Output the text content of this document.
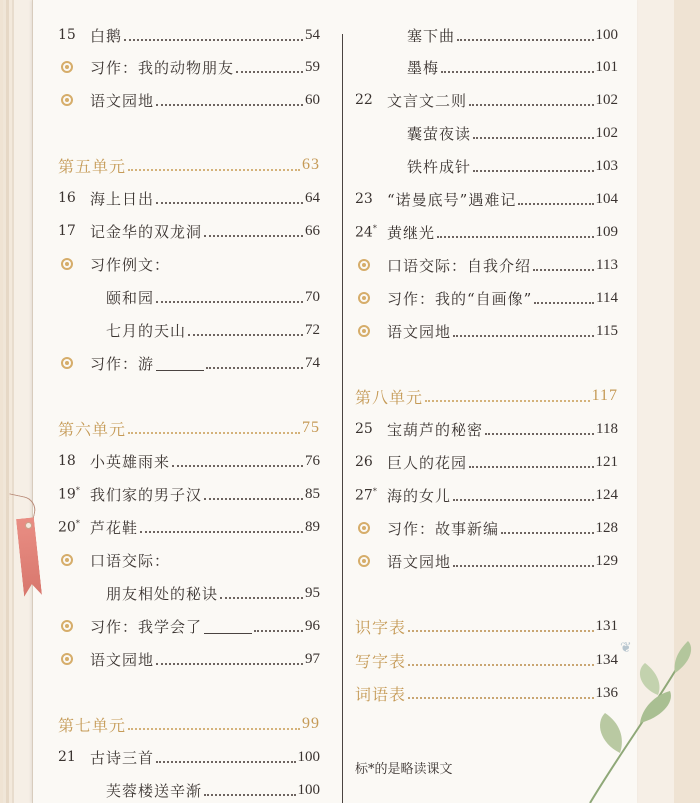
15 白鹅	54
习作：我的动物朋友	59
语文园地	60
第五单元	63
16 海上日出	64
17 记金华的双龙洞	66
习作例文：
颐和园	70
七月的天山	72
习作：游	74
第六单元	75
18 小英雄雨来	76
19* 我们家的男子汉	85
20* 芦花鞋	89
口语交际：
朋友相处的秘诀	95
习作：我学会了	96
语文园地	97
第七单元	99
21 古诗三首	100
芙蓉楼送辛渐	100
标*的是略读课文
塞下曲	100
墨梅	101
22 文言文二则	102
囊萤夜读	102
铁杵成针	103
23 “诺曼底号”遇难记	104
24* 黄继光	109
口语交际：自我介绍	113
习作：我的“自画像”	114
语文园地	115
第八单元	117
25 宝葫芦的秘密	118
26 巨人的花园	121
27* 海的女儿	124
习作：故事新编	128
语文园地	129
识字表	131
写字表	134
词语表	136
❦
